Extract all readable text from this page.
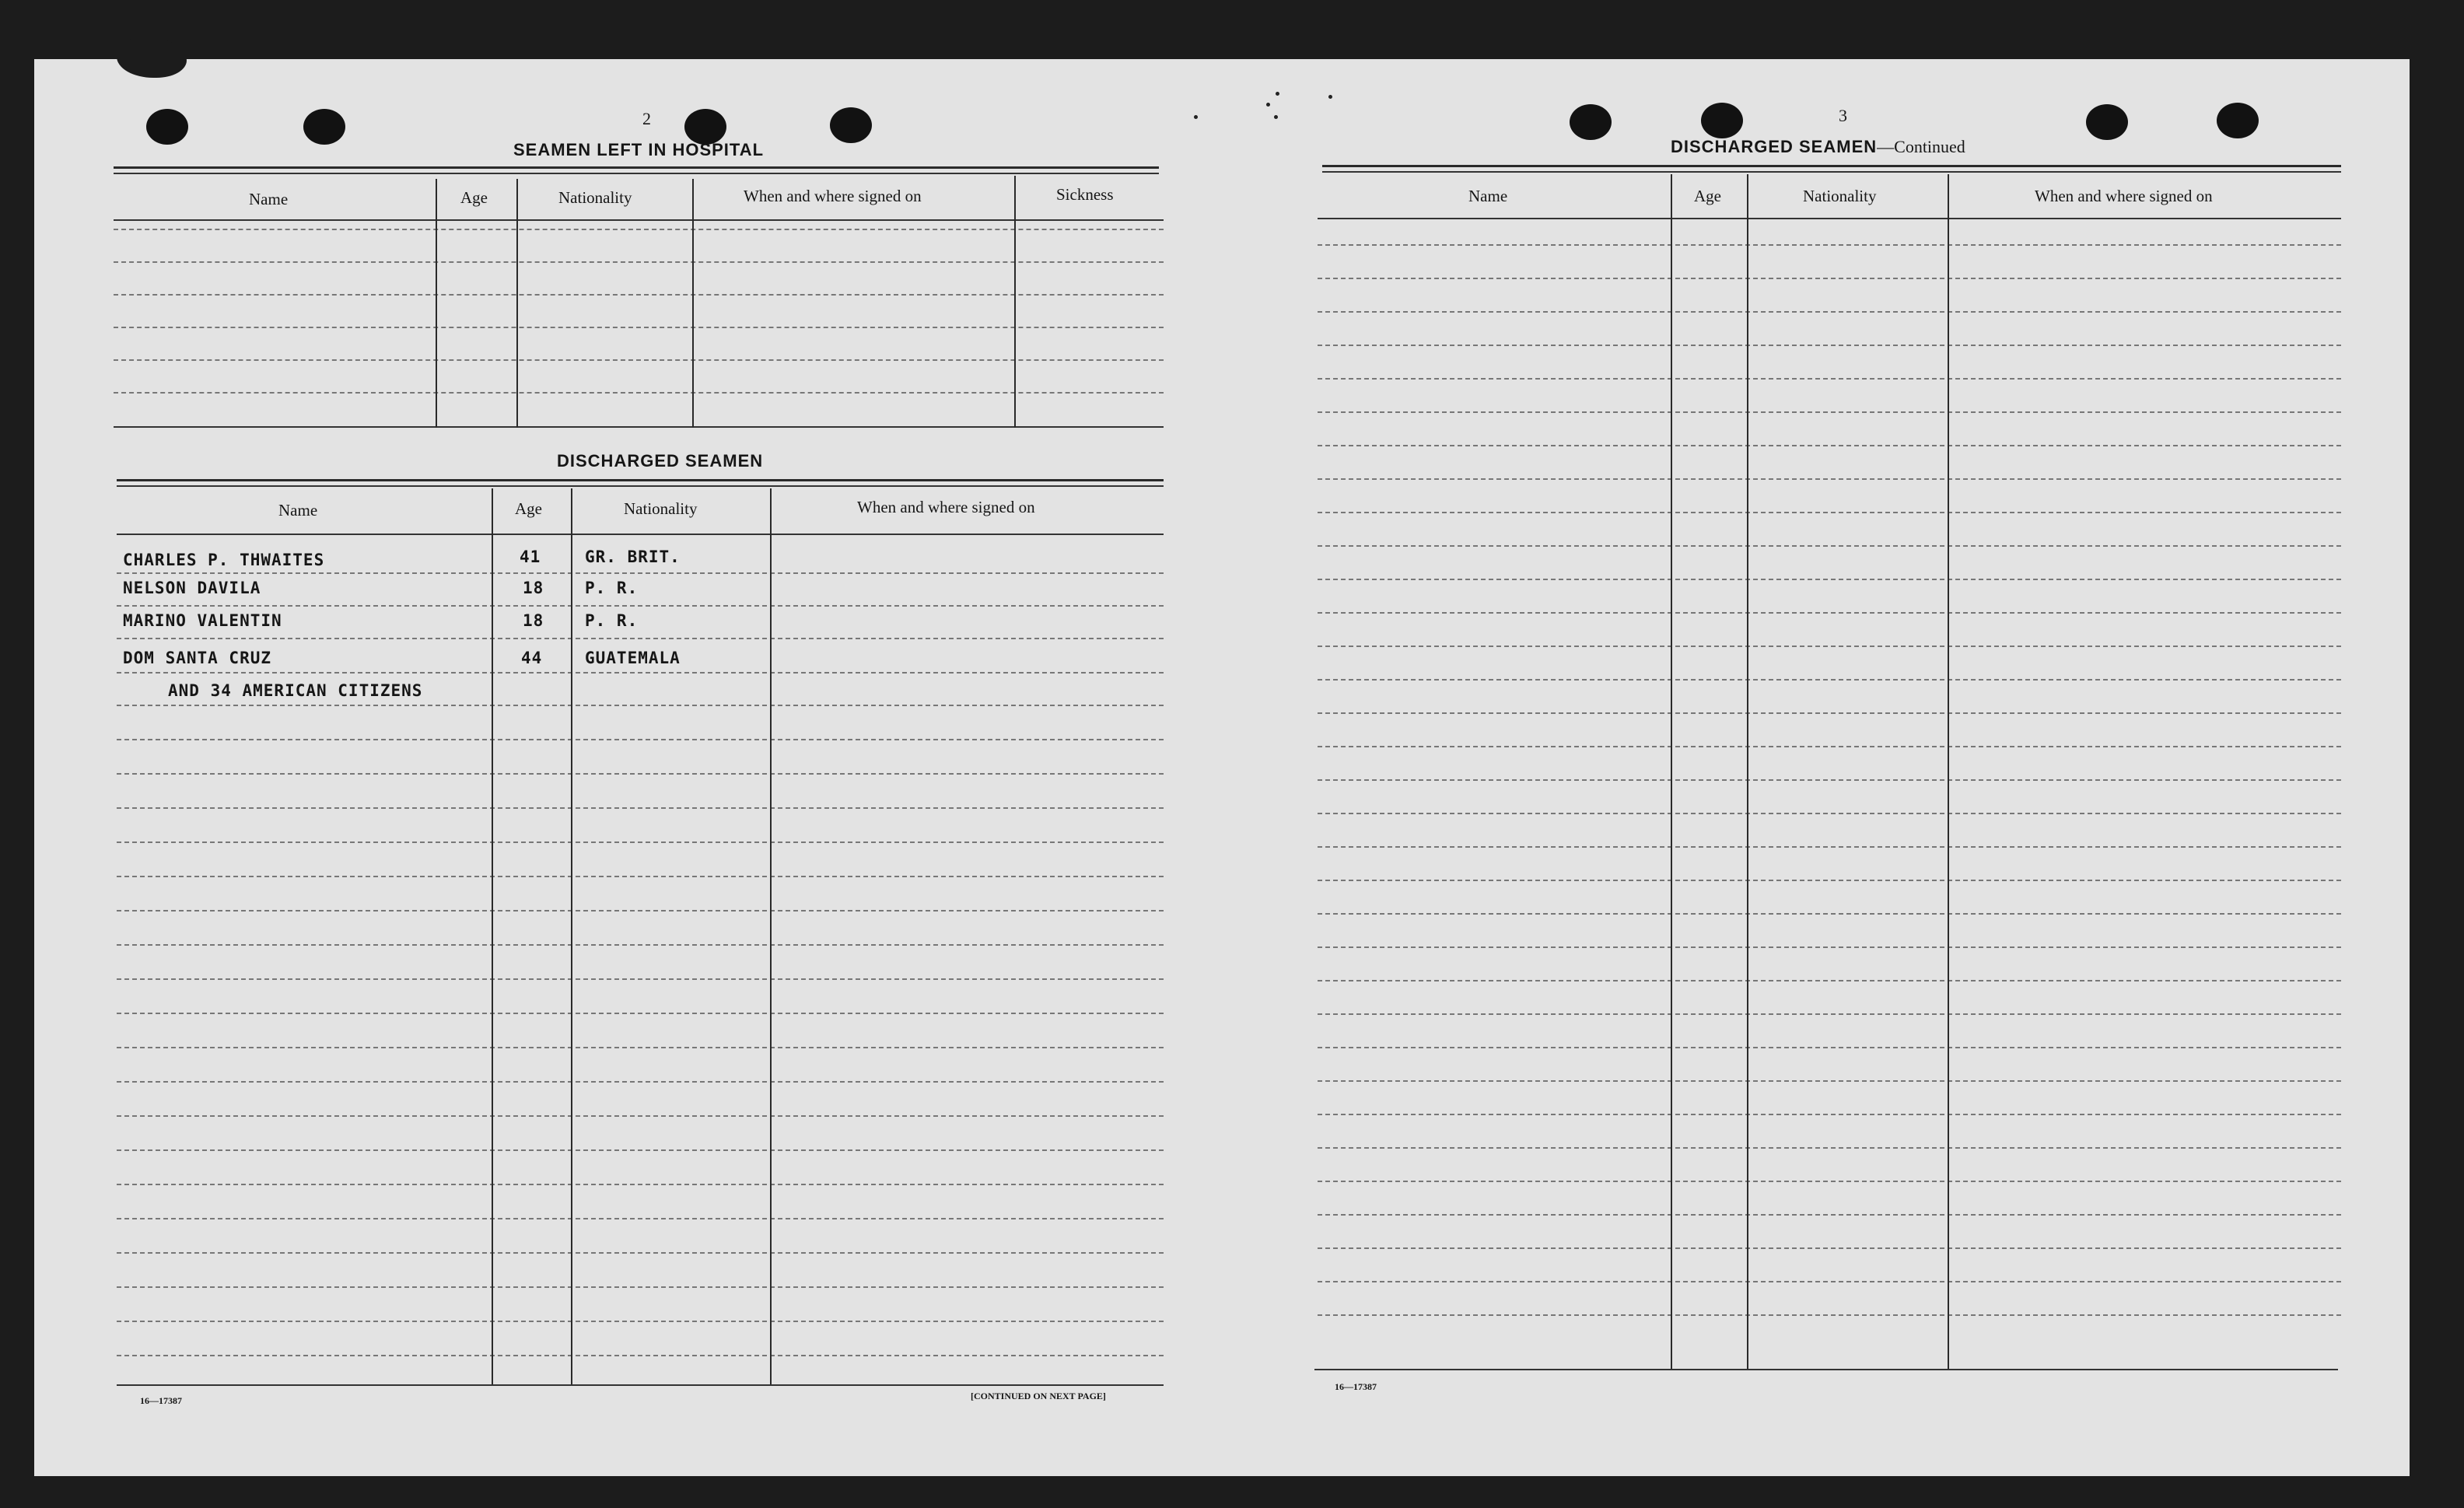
2
SEAMEN LEFT IN HOSPITAL
Name	Age	Nationality	When and where signed on	Sickness
DISCHARGED SEAMEN
Name	Age	Nationality	When and where signed on
CHARLES P. THWAITES	41	GR. BRIT.
NELSON DAVILA	18	P. R.
MARINO VALENTIN	18	P. R.
DOM SANTA CRUZ	44	GUATEMALA
AND 34 AMERICAN CITIZENS
16—17387	[CONTINUED ON NEXT PAGE]
3
DISCHARGED SEAMEN—Continued
Name	Age	Nationality	When and where signed on
16—17387
